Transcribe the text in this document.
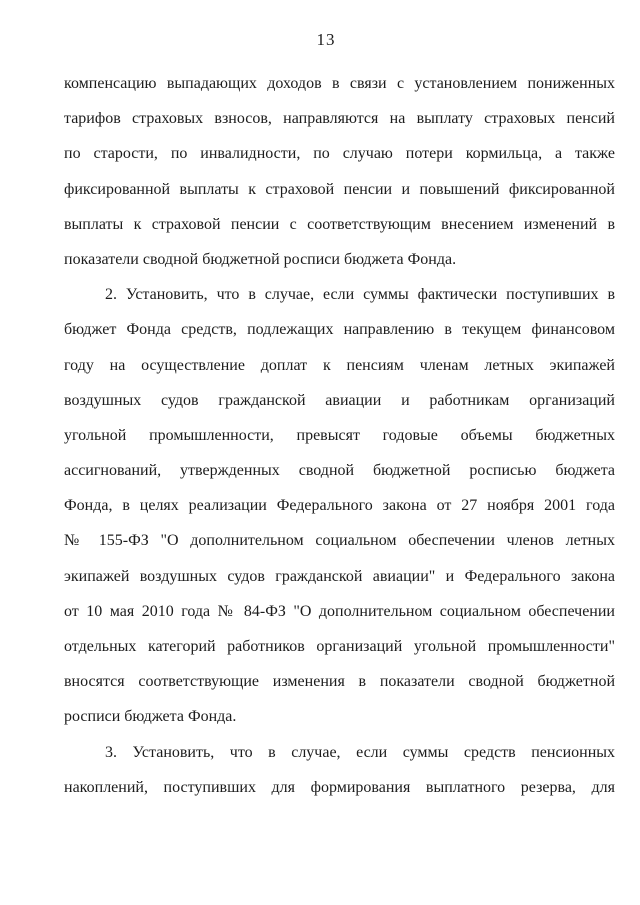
13
компенсацию выпадающих доходов в связи с установлением пониженных
тарифов страховых взносов, направляются на выплату страховых пенсий
по старости, по инвалидности, по случаю потери кормильца, а также
фиксированной выплаты к страховой пенсии и повышений фиксированной
выплаты к страховой пенсии с соответствующим внесением изменений в
показатели сводной бюджетной росписи бюджета Фонда.
2. Установить, что в случае, если суммы фактически поступивших в
бюджет Фонда средств, подлежащих направлению в текущем финансовом
году на осуществление доплат к пенсиям членам летных экипажей
воздушных судов гражданской авиации и работникам организаций
угольной промышленности, превысят годовые объемы бюджетных
ассигнований, утвержденных сводной бюджетной росписью бюджета
Фонда, в целях реализации Федерального закона от 27 ноября 2001 года
№ 155-ФЗ "О дополнительном социальном обеспечении членов летных
экипажей воздушных судов гражданской авиации" и Федерального закона
от 10 мая 2010 года № 84-ФЗ "О дополнительном социальном обеспечении
отдельных категорий работников организаций угольной промышленности"
вносятся соответствующие изменения в показатели сводной бюджетной
росписи бюджета Фонда.
3. Установить, что в случае, если суммы средств пенсионных
накоплений, поступивших для формирования выплатного резерва, для
